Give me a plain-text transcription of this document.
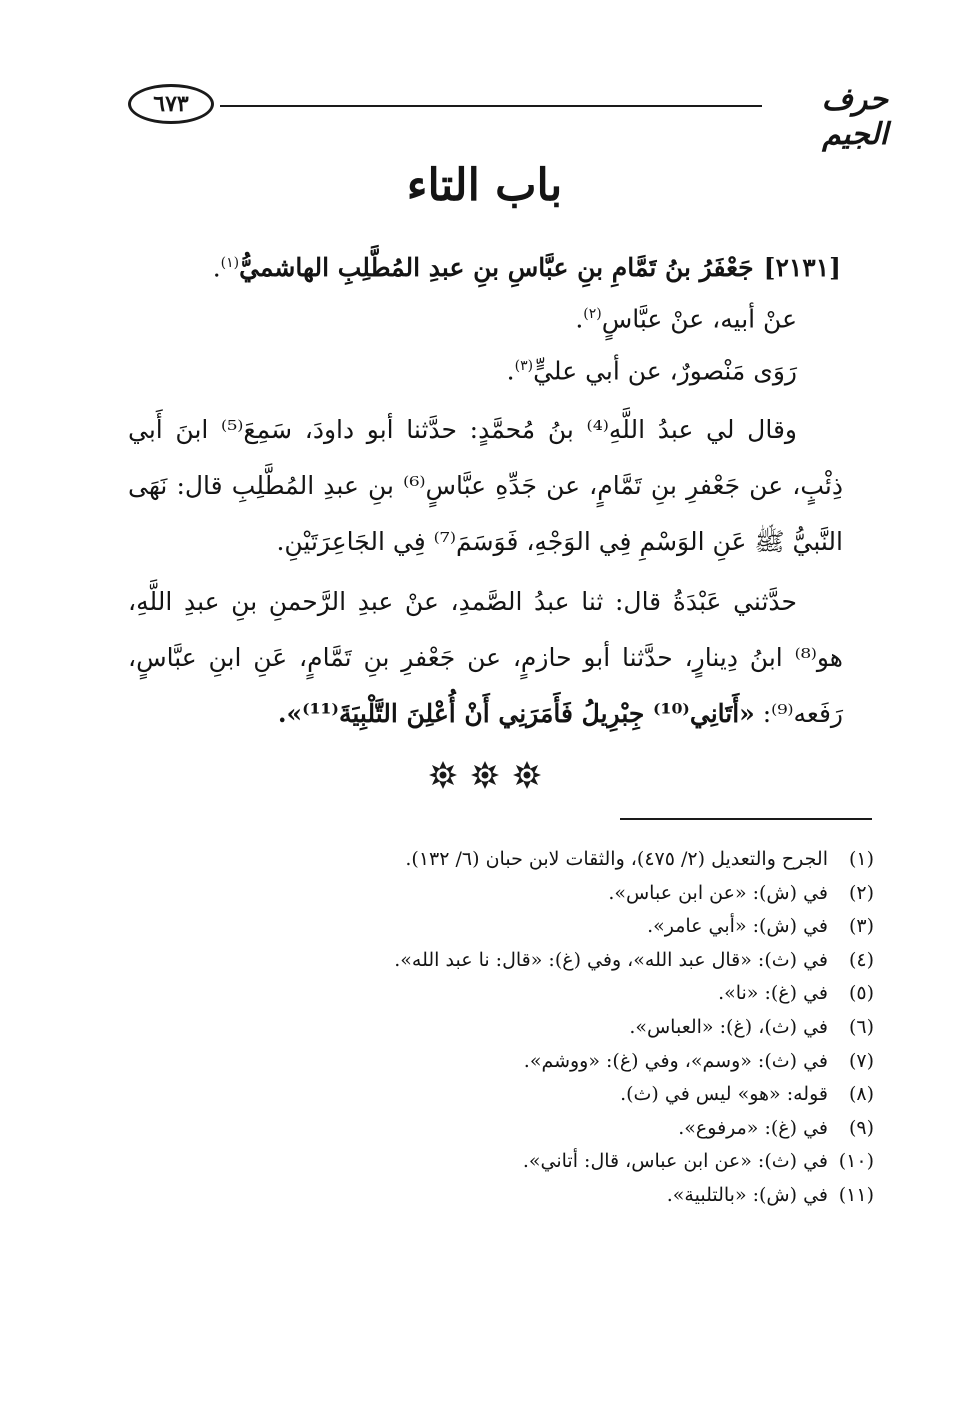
٦٧٣	حرف الجيم
باب التاء

[٢١٣١] جَعْفَرُ بنُ تَمَّامِ بنِ عبَّاسِ بنِ عبدِ المُطَّلِبِ الهاشميُّ$^{(١)}$.

عنْ أبيه، عنْ عبَّاسٍ$^{(٢)}$.

رَوَى مَنْصورٌ، عن أبي عليٍّ$^{(٣)}$.

وقال لي عبدُ اللَّهِ⁽⁴⁾ بنُ مُحمَّدٍ: حدَّثنا أبو داودَ، سَمِعَ⁽⁵⁾ ابنَ أَبي ذِئْبٍ، عن جَعْفرِ بنِ تَمَّامٍ، عن جَدِّهِ عبَّاسٍ⁽⁶⁾ بنِ عبدِ المُطَّلِبِ قال: نَهَى النَّبيُّ ﷺ عَنِ الوَسْمِ فِي الوَجْهِ، فَوَسَمَ⁽⁷⁾ فِي الجَاعِرَتَيْنِ.

حدَّثني عَبْدَةُ قال: ثنا عبدُ الصَّمدِ، عنْ عبدِ الرَّحمنِ بنِ عبدِ اللَّهِ، هو⁽⁸⁾ ابنُ دِينارٍ، حدَّثنا أبو حازمٍ، عن جَعْفرِ بنِ تَمَّامٍ، عَنِ ابنِ عبَّاسٍ، رَفَعه⁽⁹⁾: «أَتَانِي⁽¹⁰⁾ جِبْرِيلُ فَأَمَرَنِي أَنْ أُعْلِنَ التَّلْبِيَةَ⁽¹¹⁾».

(١)الجرح والتعديل (٢/ ٤٧٥)، والثقات لابن حبان (٦/ ١٣٢).
(٢)في (ش): «عن ابن عباس».
(٣)في (ش): «أبي عامر».
(٤)في (ث): «قال عبد الله»، وفي (غ): «قال: نا عبد الله».
(٥)في (غ): «نا».
(٦)في (ث)، (غ): «العباس».
(٧)في (ث): «وسم»، وفي (غ): «ووشم».
(٨)قوله: «هو» ليس في (ث).
(٩)في (غ): «مرفوع».
(١٠)في (ث): «عن ابن عباس، قال: أتاني».
(١١)في (ش): «بالتلبية».
